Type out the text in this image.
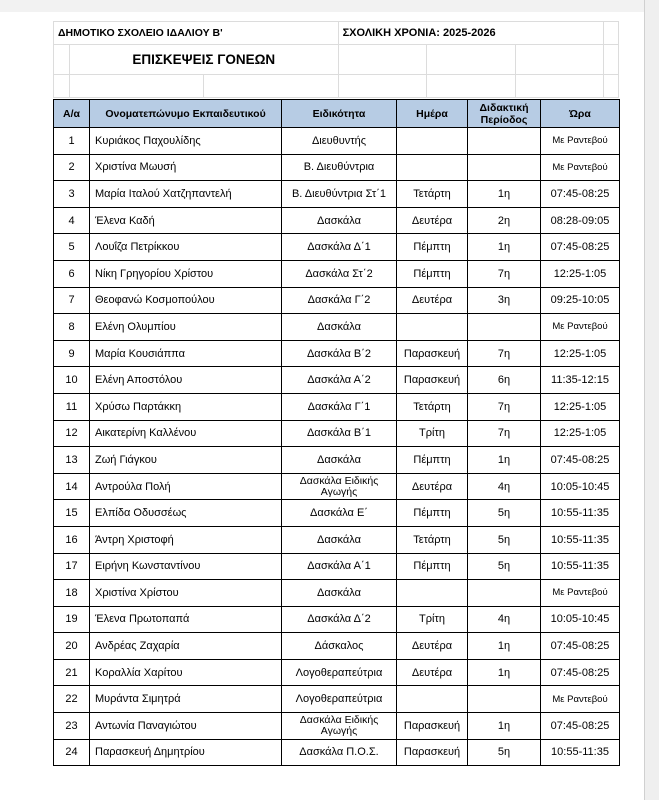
ΔΗΜΟΤΙΚΟ ΣΧΟΛΕΙΟ ΙΔΑΛΙΟΥ Β'			ΣΧΟΛΙΚΗ ΧΡΟΝΙΑ: 2025-2026			
	ΕΠΙΣΚΕΨΕΙΣ ΓΟΝΕΩΝ					

Α/α	Ονοματεπώνυμο Εκπαιδευτικού	Ειδικότητα	Ημέρα	Διδακτική Περίοδος	Ώρα
1	Κυριάκος Παχουλίδης	Διευθυντής			Με Ραντεβού
2	Χριστίνα Μωυσή	Β. Διευθύντρια			Με Ραντεβού
3	Μαρία Ιταλού Χατζηπαντελή	Β. Διευθύντρια Στ΄1	Τετάρτη	1η	07:45-08:25
4	Έλενα Καδή	Δασκάλα	Δευτέρα	2η	08:28-09:05
5	Λουΐζα Πετρίκκου	Δασκάλα Δ΄1	Πέμπτη	1η	07:45-08:25
6	Νίκη Γρηγορίου Χρίστου	Δασκάλα Στ΄2	Πέμπτη	7η	12:25-1:05
7	Θεοφανώ Κοσμοπούλου	Δασκάλα Γ΄2	Δευτέρα	3η	09:25-10:05
8	Ελένη Ολυμπίου	Δασκάλα			Με Ραντεβού
9	Μαρία Κουσιάππα	Δασκάλα Β΄2	Παρασκευή	7η	12:25-1:05
10	Ελένη Αποστόλου	Δασκάλα Α΄2	Παρασκευή	6η	11:35-12:15
11	Χρύσω Παρτάκκη	Δασκάλα Γ΄1	Τετάρτη	7η	12:25-1:05
12	Αικατερίνη Καλλένου	Δασκάλα Β΄1	Τρίτη	7η	12:25-1:05
13	Ζωή Γιάγκου	Δασκάλα	Πέμπτη	1η	07:45-08:25
14	Αντρούλα Πολή	Δασκάλα Ειδικής Αγωγής	Δευτέρα	4η	10:05-10:45
15	Ελπίδα Οδυσσέως	Δασκάλα Ε΄	Πέμπτη	5η	10:55-11:35
16	Άντρη Χριστοφή	Δασκάλα	Τετάρτη	5η	10:55-11:35
17	Ειρήνη Κωνσταντίνου	Δασκάλα Α΄1	Πέμπτη	5η	10:55-11:35
18	Χριστίνα Χρίστου	Δασκάλα			Με Ραντεβού
19	Έλενα Πρωτοπαπά	Δασκάλα Δ΄2	Τρίτη	4η	10:05-10:45
20	Ανδρέας Ζαχαρία	Δάσκαλος	Δευτέρα	1η	07:45-08:25
21	Κοραλλία Χαρίτου	Λογοθεραπεύτρια	Δευτέρα	1η	07:45-08:25
22	Μυράντα Σιμητρά	Λογοθεραπεύτρια			Με Ραντεβού
23	Αντωνία Παναγιώτου	Δασκάλα Ειδικής Αγωγής	Παρασκευή	1η	07:45-08:25
24	Παρασκευή Δημητρίου	Δασκάλα Π.Ο.Σ.	Παρασκευή	5η	10:55-11:35
